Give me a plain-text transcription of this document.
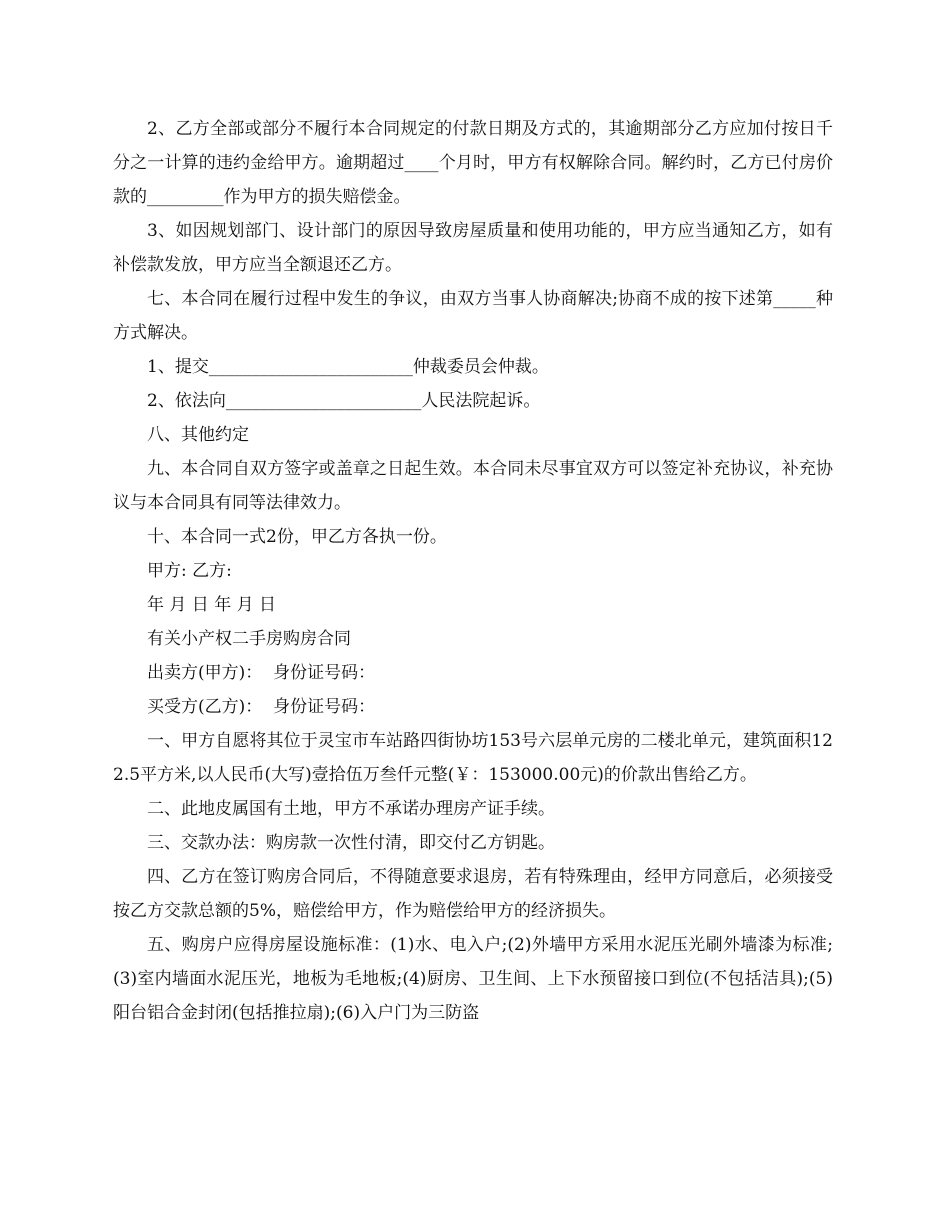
2、乙方全部或部分不履行本合同规定的付款日期及方式的，其逾期部分乙方应加付按日千分之一计算的违约金给甲方。逾期超过____个月时，甲方有权解除合同。解约时，乙方已付房价款的_________作为甲方的损失赔偿金。

3、如因规划部门、设计部门的原因导致房屋质量和使用功能的，甲方应当通知乙方，如有补偿款发放，甲方应当全额退还乙方。

七、本合同在履行过程中发生的争议，由双方当事人协商解决;协商不成的按下述第_____种方式解决。

1、提交________________________仲裁委员会仲裁。

2、依法向_______________________人民法院起诉。

八、其他约定

九、本合同自双方签字或盖章之日起生效。本合同未尽事宜双方可以签定补充协议，补充协议与本合同具有同等法律效力。

十、本合同一式2份，甲乙方各执一份。

甲方: 乙方:

年 月 日 年 月 日

有关小产权二手房购房合同

出卖方(甲方)：  身份证号码：

买受方(乙方)：  身份证号码：

一、甲方自愿将其位于灵宝市车站路四街协坊153号六层单元房的二楼北单元，建筑面积122.5平方米,以人民币(大写)壹拾伍万叁仟元整(￥：153000.00元)的价款出售给乙方。

二、此地皮属国有土地，甲方不承诺办理房产证手续。

三、交款办法：购房款一次性付清，即交付乙方钥匙。

四、乙方在签订购房合同后，不得随意要求退房，若有特殊理由，经甲方同意后，必须接受按乙方交款总额的5%，赔偿给甲方，作为赔偿给甲方的经济损失。

五、购房户应得房屋设施标准：(1)水、电入户;(2)外墙甲方采用水泥压光刷外墙漆为标准;(3)室内墙面水泥压光，地板为毛地板;(4)厨房、卫生间、上下水预留接口到位(不包括洁具);(5)阳台铝合金封闭(包括推拉扇);(6)入户门为三防盗
